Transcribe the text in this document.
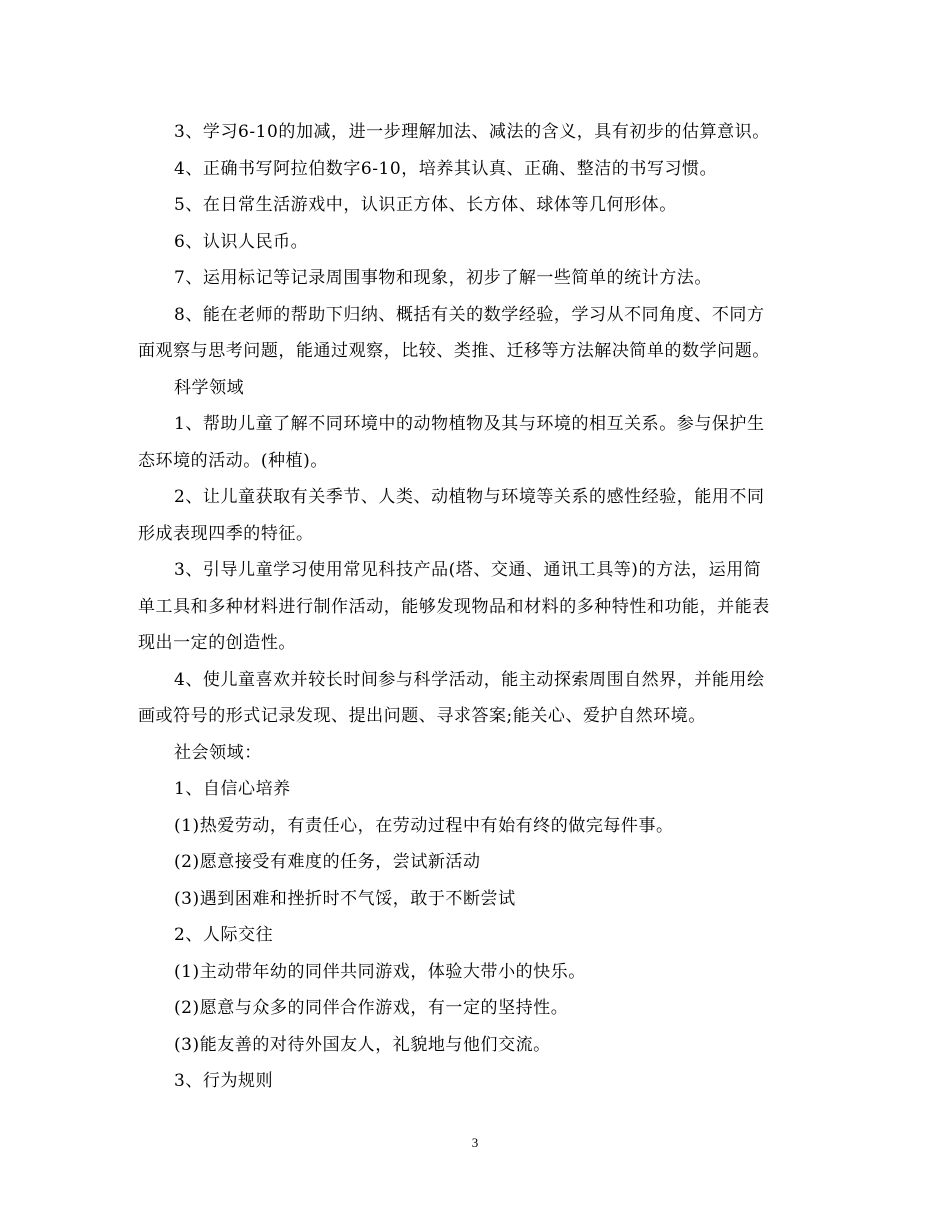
3、学习6-10的加减，进一步理解加法、减法的含义，具有初步的估算意识。
4、正确书写阿拉伯数字6-10，培养其认真、正确、整洁的书写习惯。
5、在日常生活游戏中，认识正方体、长方体、球体等几何形体。
6、认识人民币。
7、运用标记等记录周围事物和现象，初步了解一些简单的统计方法。
8、能在老师的帮助下归纳、概括有关的数学经验，学习从不同角度、不同方
面观察与思考问题，能通过观察，比较、类推、迁移等方法解决简单的数学问题。
科学领域
1、帮助儿童了解不同环境中的动物植物及其与环境的相互关系。参与保护生
态环境的活动。(种植)。
2、让儿童获取有关季节、人类、动植物与环境等关系的感性经验，能用不同
形成表现四季的特征。
3、引导儿童学习使用常见科技产品(塔、交通、通讯工具等)的方法，运用简
单工具和多种材料进行制作活动，能够发现物品和材料的多种特性和功能，并能表
现出一定的创造性。
4、使儿童喜欢并较长时间参与科学活动，能主动探索周围自然界，并能用绘
画或符号的形式记录发现、提出问题、寻求答案;能关心、爱护自然环境。
社会领域：
1、自信心培养
(1)热爱劳动，有责任心，在劳动过程中有始有终的做完每件事。
(2)愿意接受有难度的任务，尝试新活动
(3)遇到困难和挫折时不气馁，敢于不断尝试
2、人际交往
(1)主动带年幼的同伴共同游戏，体验大带小的快乐。
(2)愿意与众多的同伴合作游戏，有一定的坚持性。
(3)能友善的对待外国友人，礼貌地与他们交流。
3、行为规则
3
